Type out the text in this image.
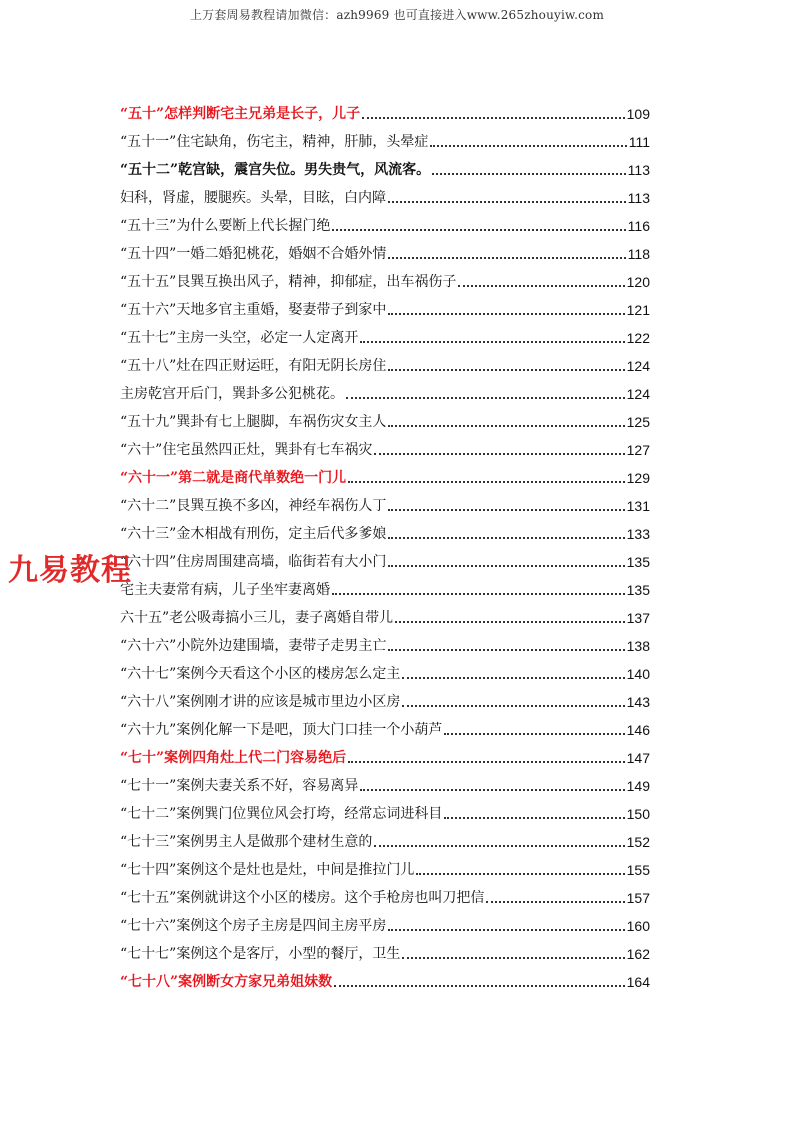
上万套周易教程请加微信：azh9969 也可直接进入www.265zhouyiw.com
“五十”怎样判断宅主兄弟是长子，儿子	109
“五十一”住宅缺角，伤宅主，精神，肝肺，头晕症	111
“五十二”乾宫缺，震宫失位。男失贵气，风流客。	113
妇科，肾虚，腰腿疾。头晕，目眩，白内障	113
“五十三”为什么要断上代长握门绝	116
“五十四”一婚二婚犯桃花，婚姻不合婚外情	118
“五十五”艮巽互换出风子，精神，抑郁症，出车祸伤子	120
“五十六”天地多官主重婚，娶妻带子到家中	121
“五十七”主房一头空，必定一人定离开	122
“五十八”灶在四正财运旺，有阳无阴长房住	124
主房乾宫开后门，巽卦多公犯桃花。	124
“五十九”巽卦有七上腿脚，车祸伤灾女主人	125
“六十”住宅虽然四正灶，巽卦有七车祸灾	127
“六十一”第二就是商代单数绝一门儿	129
“六十二”艮巽互换不多凶，神经车祸伤人丁	131
“六十三”金木相战有刑伤，定主后代多爹娘	133
“六十四”住房周围建高墙，临街若有大小门	135
宅主夫妻常有病，儿子坐牢妻离婚	135
六十五”老公吸毒搞小三儿，妻子离婚自带儿	137
“六十六”小院外边建围墙，妻带子走男主亡	138
“六十七”案例今天看这个小区的楼房怎么定主	140
“六十八”案例刚才讲的应该是城市里边小区房	143
“六十九”案例化解一下是吧，顶大门口挂一个小葫芦	146
“七十”案例四角灶上代二门容易绝后	147
“七十一”案例夫妻关系不好，容易离异	149
“七十二”案例巽门位巽位风会打垮，经常忘词进科目	150
“七十三”案例男主人是做那个建材生意的	152
“七十四”案例这个是灶也是灶，中间是推拉门儿	155
“七十五”案例就讲这个小区的楼房。这个手枪房也叫刀把信	157
“七十六”案例这个房子主房是四间主房平房	160
“七十七”案例这个是客厅，小型的餐厅，卫生	162
“七十八”案例断女方家兄弟姐妹数	164
九易教程
